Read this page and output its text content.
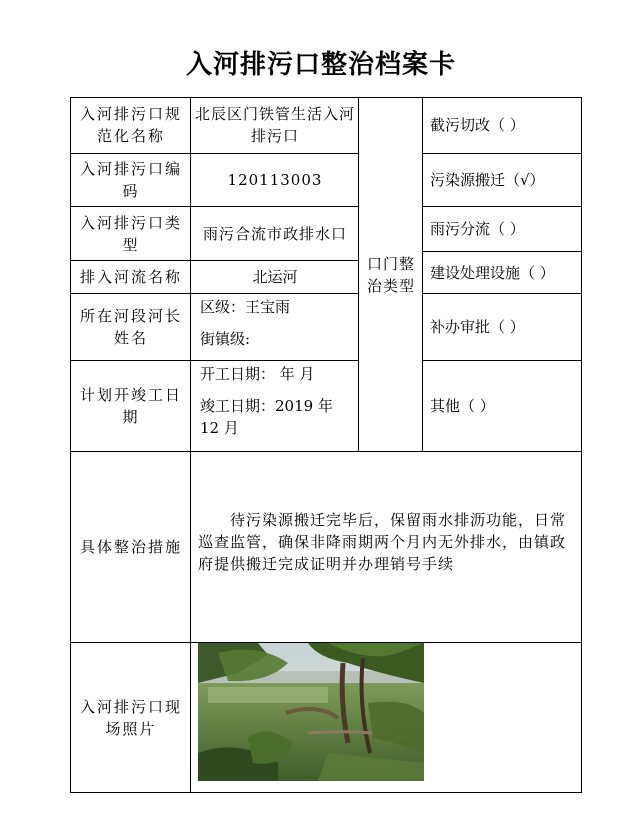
入河排污口整治档案卡
入河排污口规范化名称
北辰区门铁管生活入河排污口
入河排污口编码
120113003
入河排污口类型
雨污合流市政排水口
排入河流名称	北运河
所在河段河长姓名
区级：王宝雨
街镇级:
计划开竣工日期
开工日期： 年 月
竣工日期：2019 年 12 月
口门整治类型
截污切改（ ）
污染源搬迁（√）
雨污分流（ ）
建设处理设施（ ）
补办审批（ ）
其他（ ）
具体整治措施
待污染源搬迁完毕后，保留雨水排沥功能，日常巡查监管，确保非降雨期两个月内无外排水，由镇政府提供搬迁完成证明并办理销号手续
入河排污口现场照片
